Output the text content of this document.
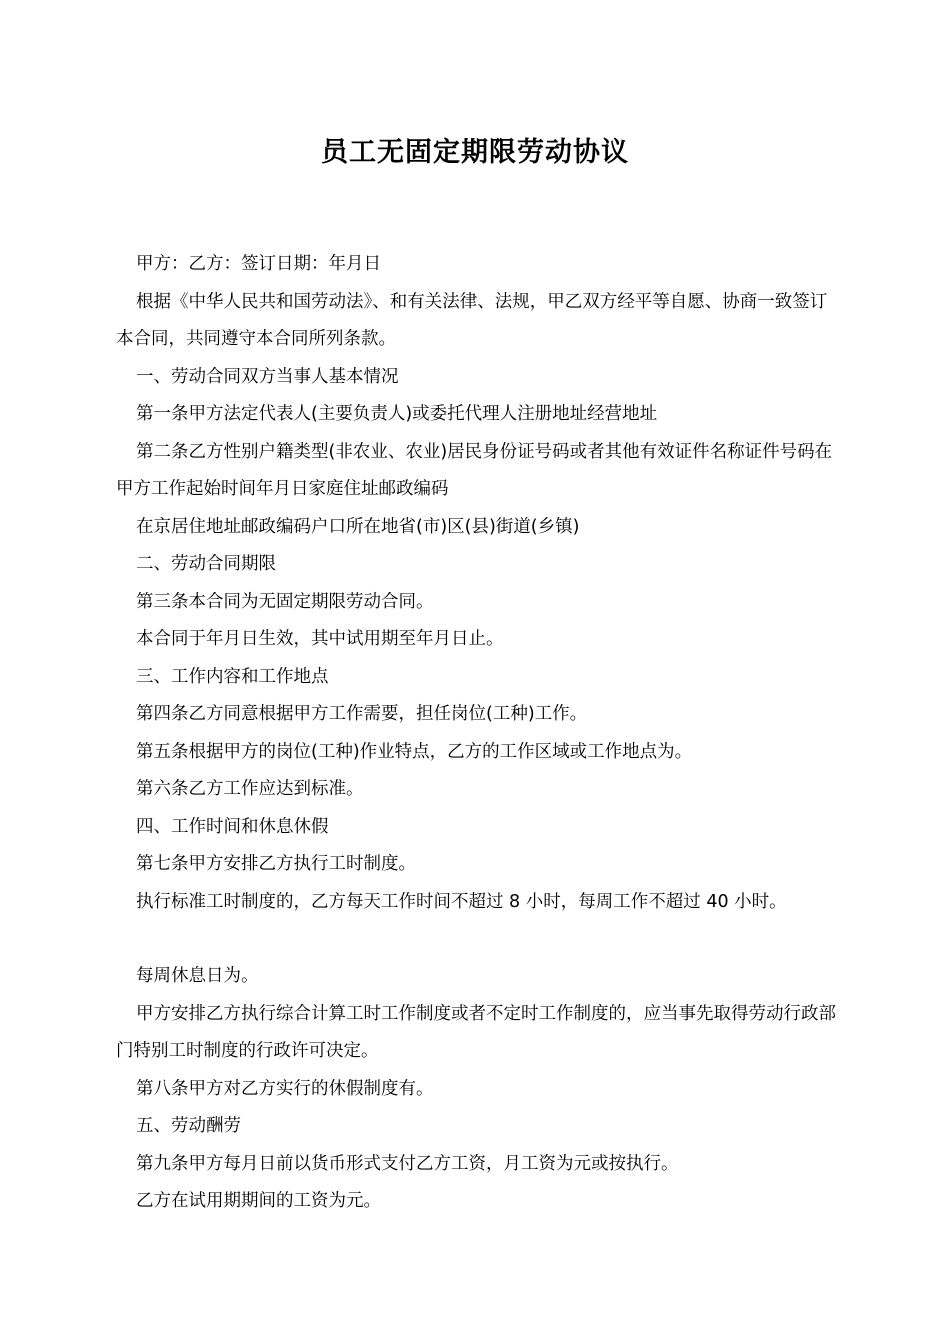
员工无固定期限劳动协议

甲方：乙方：签订日期：年月日

根据《中华人民共和国劳动法》、和有关法律、法规，甲乙双方经平等自愿、协商一致签订本合同，共同遵守本合同所列条款。

一、劳动合同双方当事人基本情况

第一条甲方法定代表人(主要负责人)或委托代理人注册地址经营地址

第二条乙方性别户籍类型(非农业、农业)居民身份证号码或者其他有效证件名称证件号码在甲方工作起始时间年月日家庭住址邮政编码

在京居住地址邮政编码户口所在地省(市)区(县)街道(乡镇)

二、劳动合同期限

第三条本合同为无固定期限劳动合同。

本合同于年月日生效，其中试用期至年月日止。

三、工作内容和工作地点

第四条乙方同意根据甲方工作需要，担任岗位(工种)工作。

第五条根据甲方的岗位(工种)作业特点，乙方的工作区域或工作地点为。

第六条乙方工作应达到标准。

四、工作时间和休息休假

第七条甲方安排乙方执行工时制度。

执行标准工时制度的，乙方每天工作时间不超过 8 小时，每周工作不超过 40 小时。

每周休息日为。

甲方安排乙方执行综合计算工时工作制度或者不定时工作制度的，应当事先取得劳动行政部门特别工时制度的行政许可决定。

第八条甲方对乙方实行的休假制度有。

五、劳动酬劳

第九条甲方每月日前以货币形式支付乙方工资，月工资为元或按执行。

乙方在试用期期间的工资为元。
